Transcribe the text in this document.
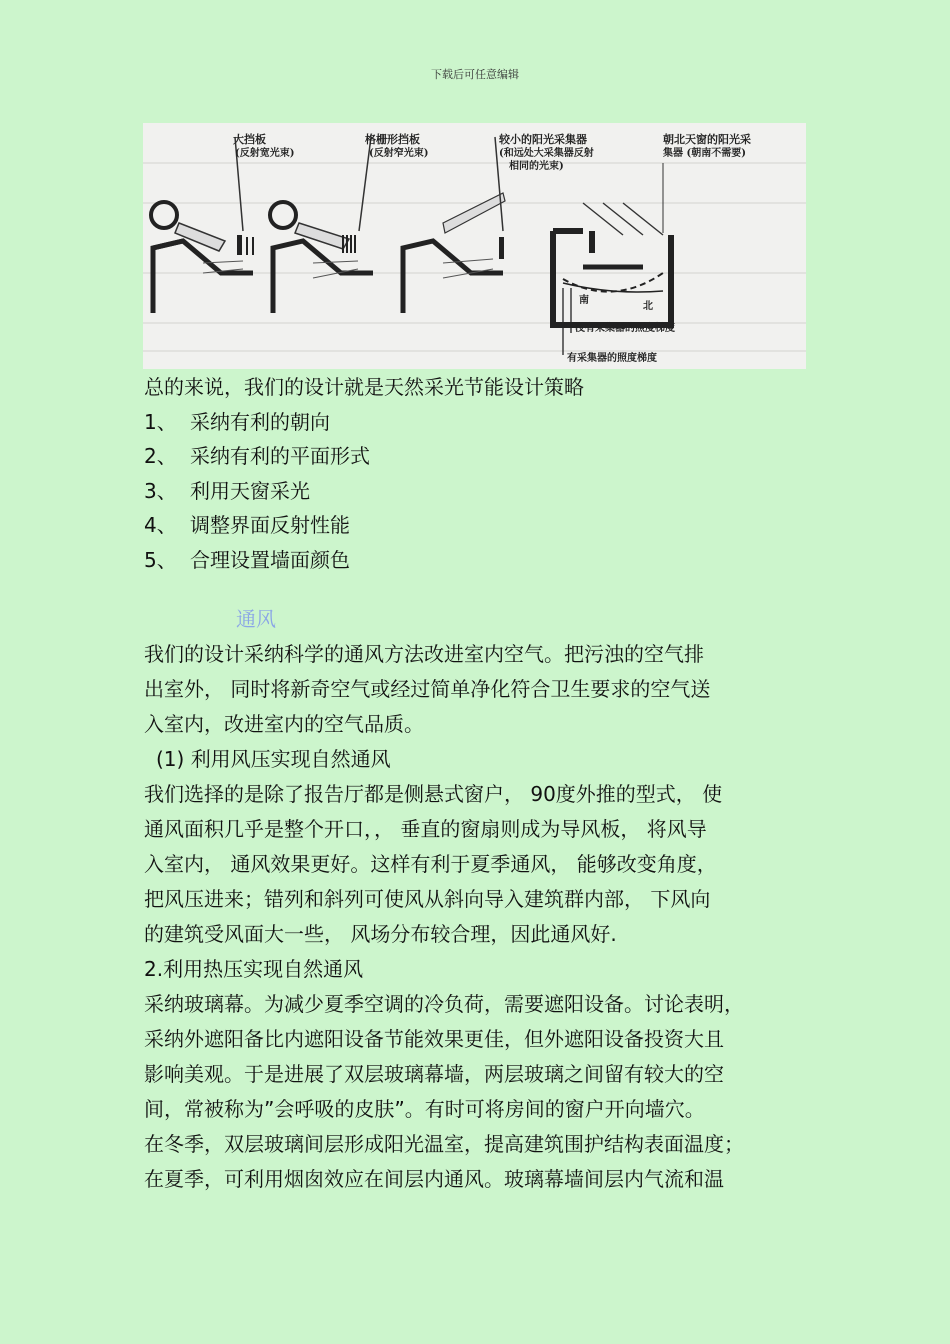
下载后可任意编辑
大挡板
(反射宽光束)
格栅形挡板
(反射窄光束)
较小的阳光采集器
(和远处大采集器反射
相同的光束)
南
北
没有采集器的照度梯度
有采集器的照度梯度
朝北天窗的阳光采
集器 (朝南不需要)
总的来说，我们的设计就是天然采光节能设计策略
1、 采纳有利的朝向
2、 采纳有利的平面形式
3、 利用天窗采光
4、 调整界面反射性能
5、 合理设置墙面颜色
通风
我们的设计采纳科学的通风方法改进室内空气。把污浊的空气排
出室外， 同时将新奇空气或经过简单净化符合卫生要求的空气送
入室内，改进室内的空气品质。
(1) 利用风压实现自然通风
我们选择的是除了报告厅都是侧悬式窗户， 90度外推的型式， 使
通风面积几乎是整个开口，， 垂直的窗扇则成为导风板， 将风导
入室内， 通风效果更好。这样有利于夏季通风， 能够改变角度，
把风压进来；错列和斜列可使风从斜向导入建筑群内部， 下风向
的建筑受风面大一些， 风场分布较合理，因此通风好.
2.利用热压实现自然通风
采纳玻璃幕。为减少夏季空调的冷负荷，需要遮阳设备。讨论表明，
采纳外遮阳备比内遮阳设备节能效果更佳，但外遮阳设备投资大且
影响美观。于是进展了双层玻璃幕墙，两层玻璃之间留有较大的空
间，常被称为”会呼吸的皮肤”。有时可将房间的窗户开向墙穴。
在冬季，双层玻璃间层形成阳光温室，提高建筑围护结构表面温度；
在夏季，可利用烟囱效应在间层内通风。玻璃幕墙间层内气流和温
